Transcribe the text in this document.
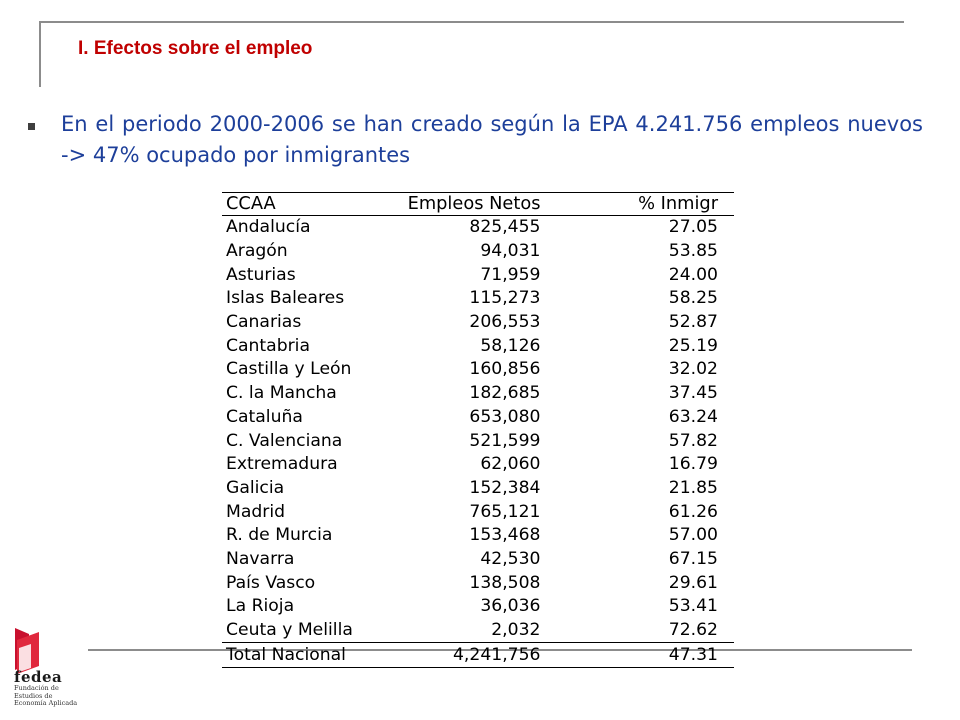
I. Efectos sobre el empleo
En el periodo 2000-2006 se han creado según la EPA 4.241.756 empleos nuevos -> 47% ocupado por inmigrantes
CCAA	Empleos Netos	% Inmigr
Andalucía	825,455	27.05
Aragón	94,031	53.85
Asturias	71,959	24.00
Islas Baleares	115,273	58.25
Canarias	206,553	52.87
Cantabria	58,126	25.19
Castilla y León	160,856	32.02
C. la Mancha	182,685	37.45
Cataluña	653,080	63.24
C. Valenciana	521,599	57.82
Extremadura	62,060	16.79
Galicia	152,384	21.85
Madrid	765,121	61.26
R. de Murcia	153,468	57.00
Navarra	42,530	67.15
País Vasco	138,508	29.61
La Rioja	36,036	53.41
Ceuta y Melilla	2,032	72.62
Total Nacional	4,241,756	47.31
fedea
Fundación de
Estudios de
Economía Aplicada
